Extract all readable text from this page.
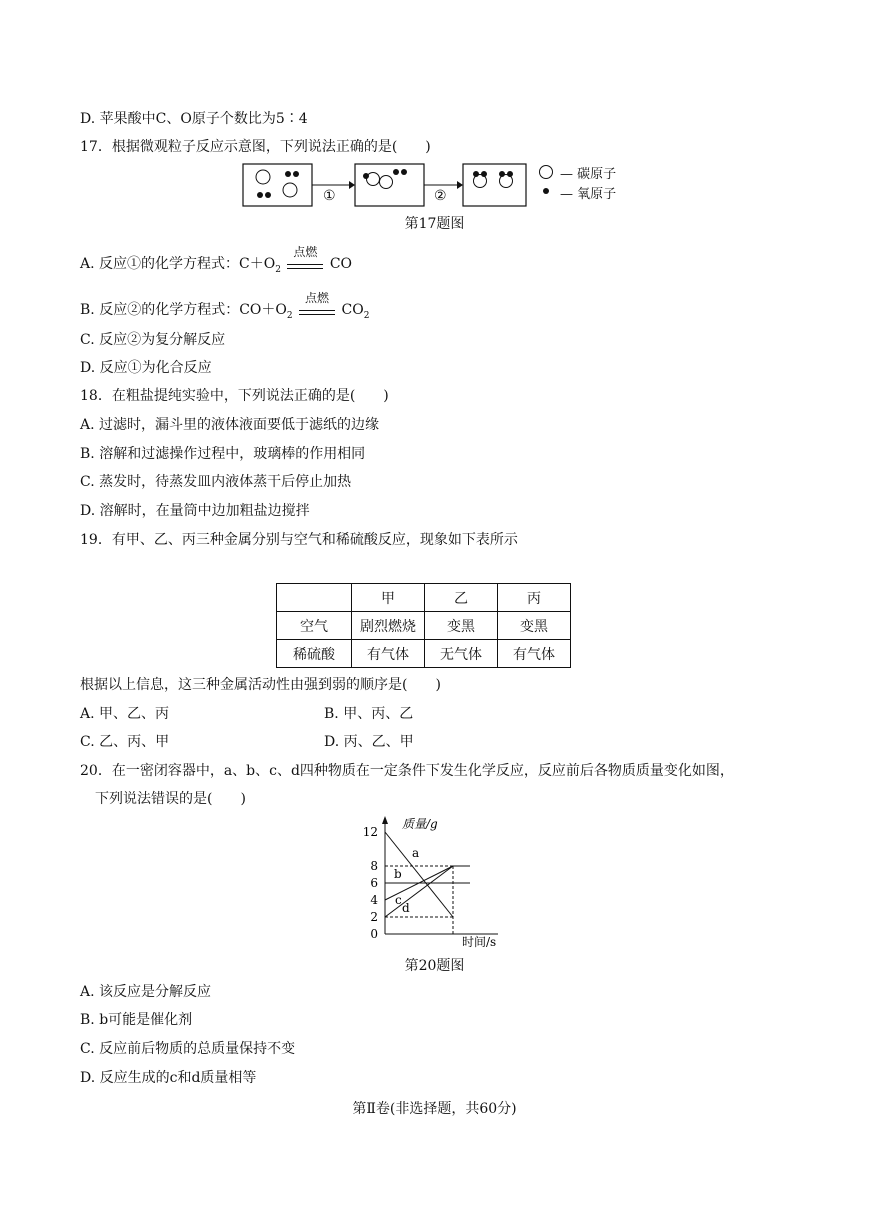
D. 苹果酸中C、O原子个数比为5∶4
17．根据微观粒子反应示意图，下列说法正确的是(　　)
①	②
— 碳原子
— 氧原子
第17题图
A. 反应①的化学方程式：$C+O_2$
点燃
CO
B. 反应②的化学方程式：$CO+O_2$
点燃
$CO_2$
C. 反应②为复分解反应
D. 反应①为化合反应
18．在粗盐提纯实验中，下列说法正确的是(　　)
A. 过滤时，漏斗里的液体液面要低于滤纸的边缘
B. 溶解和过滤操作过程中，玻璃棒的作用相同
C. 蒸发时，待蒸发皿内液体蒸干后停止加热
D. 溶解时，在量筒中边加粗盐边搅拌
19．有甲、乙、丙三种金属分别与空气和稀硫酸反应，现象如下表所示
	甲	乙	丙
空气	剧烈燃烧	变黑	变黑
稀硫酸	有气体	无气体	有气体
根据以上信息，这三种金属活动性由强到弱的顺序是(　　)
A. 甲、乙、丙	B. 甲、丙、乙
C. 乙、丙、甲	D. 丙、乙、甲
20．在一密闭容器中，a、b、c、d四种物质在一定条件下发生化学反应，反应前后各物质质量变化如图，
下列说法错误的是(　　)
质量/g
时间/s
0
2
4
6
8
12
a
b
c
d
第20题图
A. 该反应是分解反应
B. b可能是催化剂
C. 反应前后物质的总质量保持不变
D. 反应生成的c和d质量相等
第Ⅱ卷(非选择题，共60分)
